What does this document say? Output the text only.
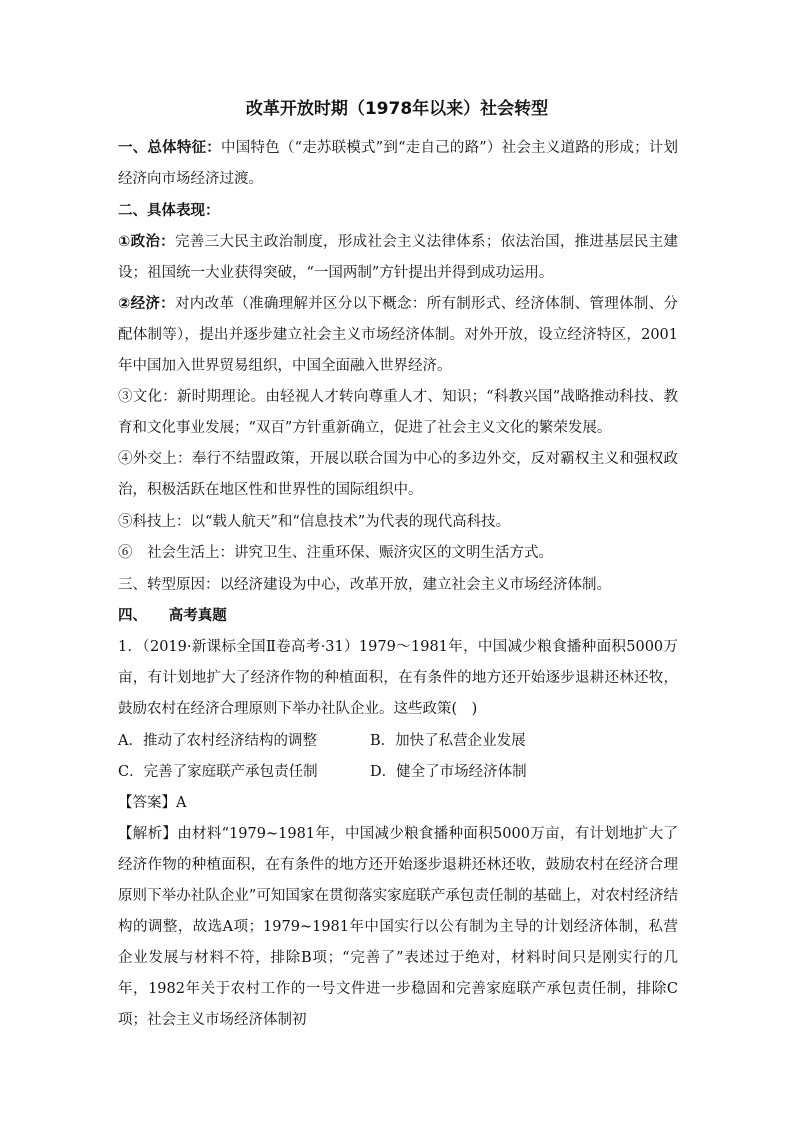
改革开放时期（1978年以来）社会转型
一、总体特征：中国特色（“走苏联模式”到“走自己的路”）社会主义道路的形成；计划经济向市场经济过渡。
二、具体表现：
①政治：完善三大民主政治制度，形成社会主义法律体系；依法治国，推进基层民主建设；祖国统一大业获得突破，“一国两制”方针提出并得到成功运用。
②经济：对内改革（准确理解并区分以下概念：所有制形式、经济体制、管理体制、分配体制等），提出并逐步建立社会主义市场经济体制。对外开放，设立经济特区，2001年中国加入世界贸易组织，中国全面融入世界经济。
③文化：新时期理论。由轻视人才转向尊重人才、知识；“科教兴国”战略推动科技、教育和文化事业发展；“双百”方针重新确立，促进了社会主义文化的繁荣发展。
④外交上：奉行不结盟政策，开展以联合国为中心的多边外交，反对霸权主义和强权政治，积极活跃在地区性和世界性的国际组织中。
⑤科技上：以“载人航天”和“信息技术”为代表的现代高科技。
⑥　社会生活上：讲究卫生、注重环保、赈济灾区的文明生活方式。
三、转型原因：以经济建设为中心，改革开放，建立社会主义市场经济体制。
四、　　高考真题
1．（2019·新课标全国Ⅱ卷高考·31）1979～1981年，中国减少粮食播种面积5000万亩，有计划地扩大了经济作物的种植面积，在有条件的地方还开始逐步退耕还林还牧，鼓励农村在经济合理原则下举办社队企业。这些政策(　)
A．推动了农村经济结构的调整	B．加快了私营企业发展
C．完善了家庭联产承包责任制	D．健全了市场经济体制
【答案】A
【解析】由材料“1979~1981年，中国减少粮食播种面积5000万亩，有计划地扩大了经济作物的种植面积，在有条件的地方还开始逐步退耕还林还收，鼓励农村在经济合理原则下举办社队企业”可知国家在贯彻落实家庭联产承包责任制的基础上，对农村经济结构的调整，故选A项；1979~1981年中国实行以公有制为主导的计划经济体制，私营企业发展与材料不符，排除B项；“完善了”表述过于绝对，材料时间只是刚实行的几年，1982年关于农村工作的一号文件进一步稳固和完善家庭联产承包责任制，排除C项；社会主义市场经济体制初
